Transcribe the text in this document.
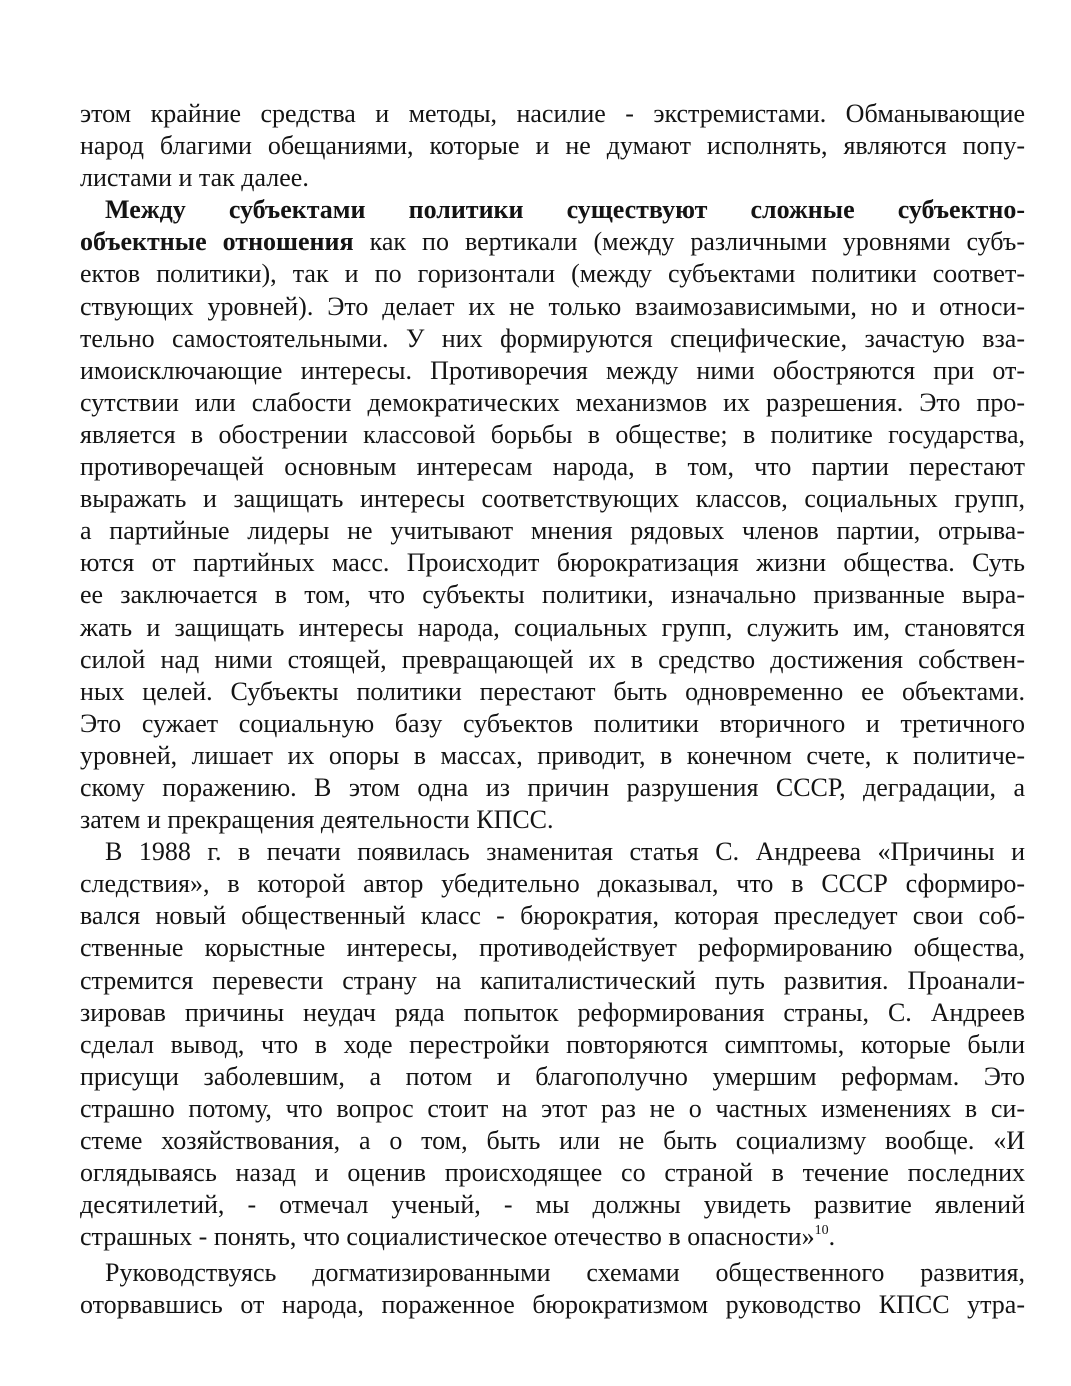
этом крайние средства и методы, насилие - экстремистами. Обманывающие
народ благими обещаниями, которые и не думают исполнять, являются попу-
листами и так далее.
Между субъектами политики существуют сложные субъектно-
объектные отношения как по вертикали (между различными уровнями субъ-
ектов политики), так и по горизонтали (между субъектами политики соответ-
ствующих уровней). Это делает их не только взаимозависимыми, но и относи-
тельно самостоятельными. У них формируются специфические, зачастую вза-
имоисключающие интересы. Противоречия между ними обостряются при от-
сутствии или слабости демократических механизмов их разрешения. Это про-
является в обострении классовой борьбы в обществе; в политике государства,
противоречащей основным интересам народа, в том, что партии перестают
выражать и защищать интересы соответствующих классов, социальных групп,
а партийные лидеры не учитывают мнения рядовых членов партии, отрыва-
ются от партийных масс. Происходит бюрократизация жизни общества. Суть
ее заключается в том, что субъекты политики, изначально призванные выра-
жать и защищать интересы народа, социальных групп, служить им, становятся
силой над ними стоящей, превращающей их в средство достижения собствен-
ных целей. Субъекты политики перестают быть одновременно ее объектами.
Это сужает социальную базу субъектов политики вторичного и третичного
уровней, лишает их опоры в массах, приводит, в конечном счете, к политиче-
скому поражению. В этом одна из причин разрушения СССР, деградации, а
затем и прекращения деятельности КПСС.
В 1988 г. в печати появилась знаменитая статья С. Андреева «Причины и
следствия», в которой автор убедительно доказывал, что в СССР сформиро-
вался новый общественный класс - бюрократия, которая преследует свои соб-
ственные корыстные интересы, противодействует реформированию общества,
стремится перевести страну на капиталистический путь развития. Проанали-
зировав причины неудач ряда попыток реформирования страны, С. Андреев
сделал вывод, что в ходе перестройки повторяются симптомы, которые были
присущи заболевшим, а потом и благополучно умершим реформам. Это
страшно потому, что вопрос стоит на этот раз не о частных изменениях в си-
стеме хозяйствования, а о том, быть или не быть социализму вообще. «И
оглядываясь назад и оценив происходящее со страной в течение последних
десятилетий, - отмечал ученый, - мы должны увидеть развитие явлений
страшных - понять, что социалистическое отечество в опасности»$^{10}$.
Руководствуясь догматизированными схемами общественного развития,
оторвавшись от народа, пораженное бюрократизмом руководство КПСС утра-
